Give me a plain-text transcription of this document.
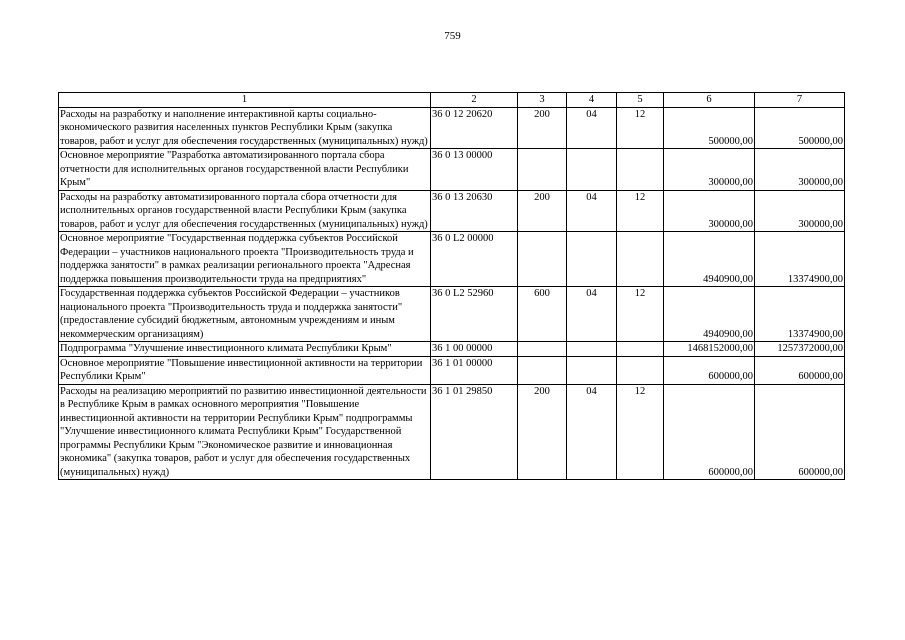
759
1	2	3	4	5	6	7
Расходы на разработку и наполнение интерактивной карты социально-экономического развития населенных пунктов Республики Крым (закупка товаров, работ и услуг для обеспечения государственных (муниципальных) нужд)	36 0 12 20620	200	04	12	500000,00	500000,00
Основное мероприятие "Разработка автоматизированного портала сбора отчетности для исполнительных органов государственной власти Республики Крым"	36 0 13 00000				300000,00	300000,00
Расходы на разработку автоматизированного портала сбора отчетности для исполнительных органов государственной власти Республики Крым (закупка товаров, работ и услуг для обеспечения государственных (муниципальных) нужд)	36 0 13 20630	200	04	12	300000,00	300000,00
Основное мероприятие "Государственная поддержка субъектов Российской Федерации – участников национального проекта "Производительность труда и поддержка занятости" в рамках реализации регионального проекта "Адресная поддержка повышения производительности труда на предприятиях"	36 0 L2 00000				4940900,00	13374900,00
Государственная поддержка субъектов Российской Федерации – участников национального проекта "Производительность труда и поддержка занятости" (предоставление субсидий бюджетным, автономным учреждениям и иным некоммерческим организациям)	36 0 L2 52960	600	04	12	4940900,00	13374900,00
Подпрограмма "Улучшение инвестиционного климата Республики Крым"	36 1 00 00000				1468152000,00	1257372000,00
Основное мероприятие "Повышение инвестиционной активности на территории Республики Крым"	36 1 01 00000				600000,00	600000,00
Расходы на реализацию мероприятий по развитию инвестиционной деятельности в Республике Крым в рамках основного мероприятия "Повышение инвестиционной активности на территории Республики Крым" подпрограммы "Улучшение инвестиционного климата Республики Крым" Государственной программы Республики Крым "Экономическое развитие и инновационная экономика" (закупка товаров, работ и услуг для обеспечения государственных (муниципальных) нужд)	36 1 01 29850	200	04	12	600000,00	600000,00
